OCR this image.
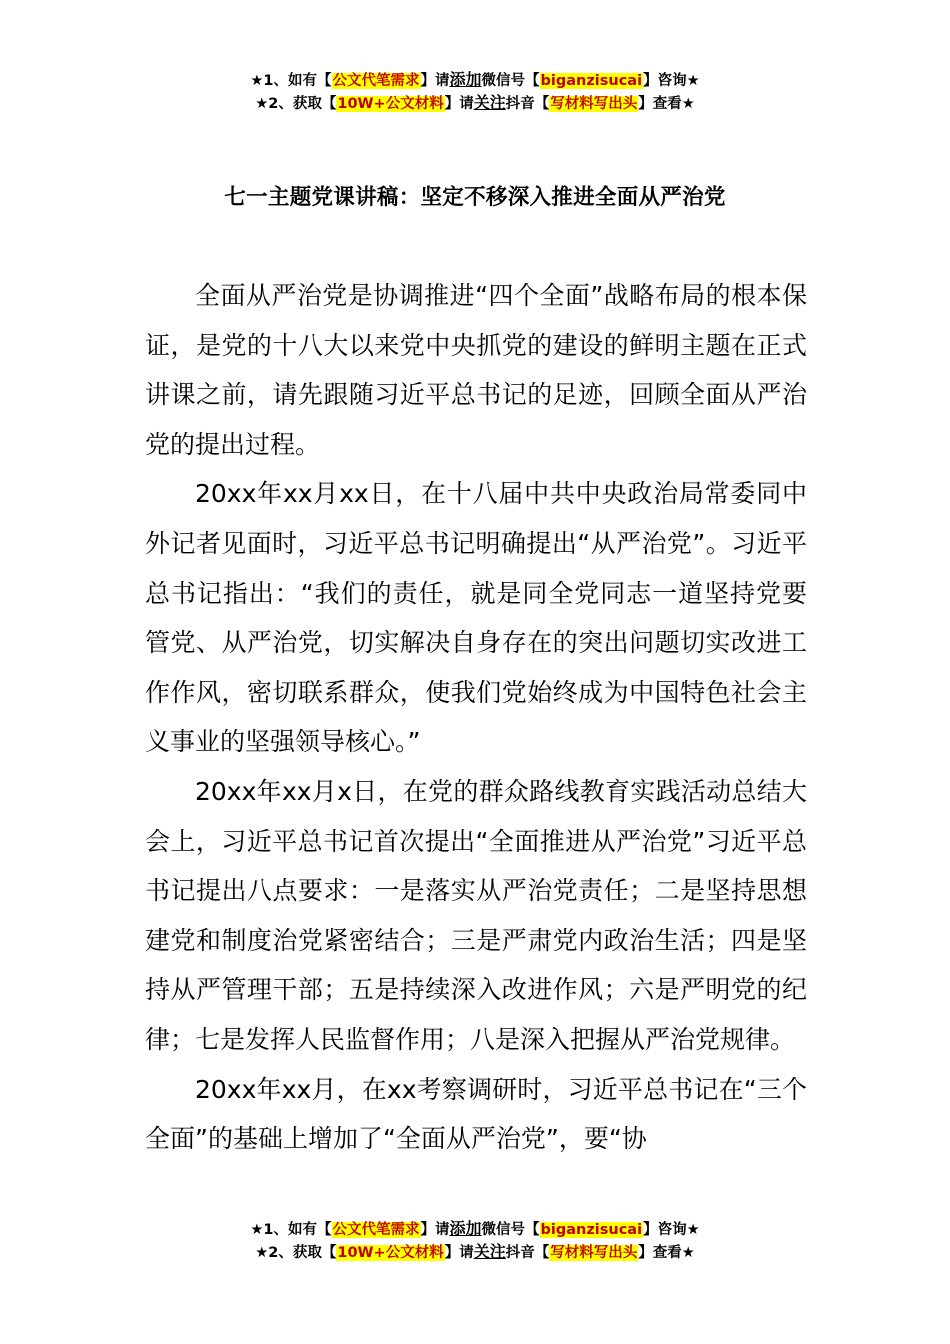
★1、如有【公文代笔需求】请添加微信号【biganzisucai】咨询★
★2、获取【10W+公文材料】请关注抖音【写材料写出头】查看★
七一主题党课讲稿：坚定不移深入推进全面从严治党

全面从严治党是协调推进“四个全面”战略布局的根本保证，是党的十八大以来党中央抓党的建设的鲜明主题在正式讲课之前，请先跟随习近平总书记的足迹，回顾全面从严治党的提出过程。

20xx年xx月xx日，在十八届中共中央政治局常委同中外记者见面时，习近平总书记明确提出“从严治党”。习近平总书记指出：“我们的责任，就是同全党同志一道坚持党要管党、从严治党，切实解决自身存在的突出问题切实改进工作作风，密切联系群众，使我们党始终成为中国特色社会主义事业的坚强领导核心。”

20xx年xx月x日，在党的群众路线教育实践活动总结大会上，习近平总书记首次提出“全面推进从严治党”习近平总书记提出八点要求：一是落实从严治党责任；二是坚持思想建党和制度治党紧密结合；三是严肃党内政治生活；四是坚持从严管理干部；五是持续深入改进作风；六是严明党的纪律；七是发挥人民监督作用；八是深入把握从严治党规律。

20xx年xx月，在xx考察调研时，习近平总书记在“三个全面”的基础上增加了“全面从严治党”，要“协

★1、如有【公文代笔需求】请添加微信号【biganzisucai】咨询★
★2、获取【10W+公文材料】请关注抖音【写材料写出头】查看★
